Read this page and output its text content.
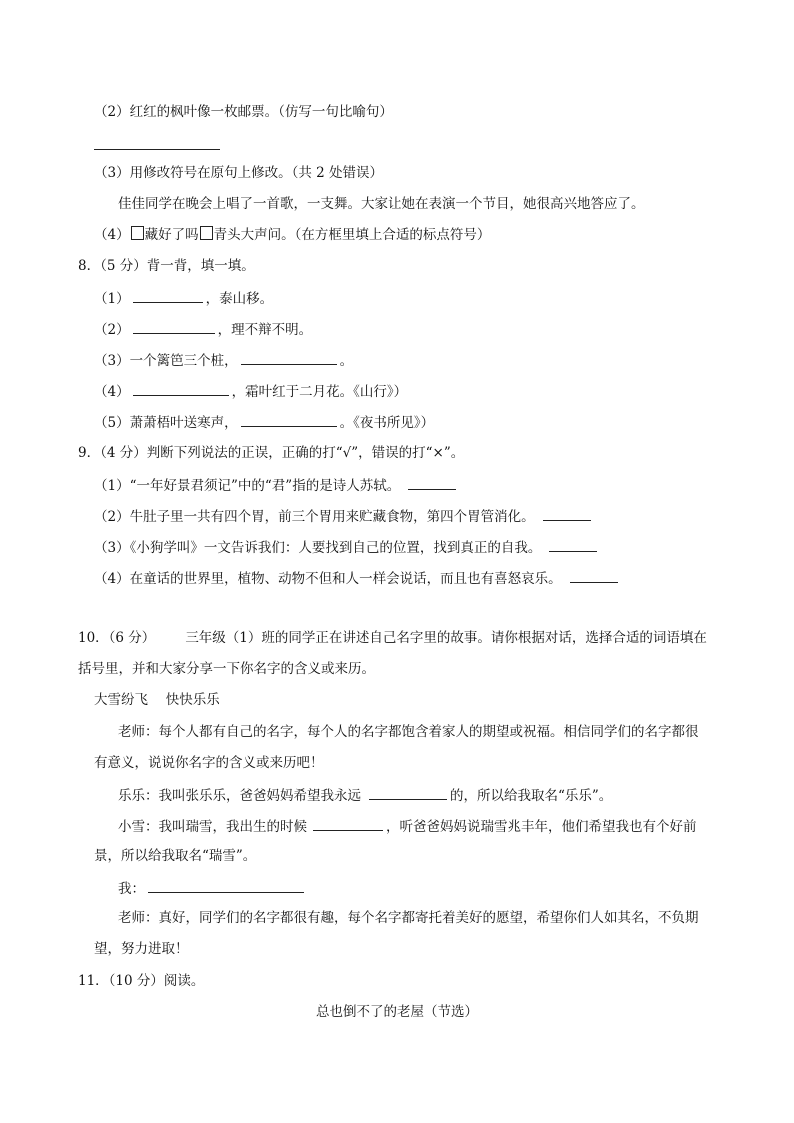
（2）红红的枫叶像一枚邮票。（仿写一句比喻句）
（3）用修改符号在原句上修改。（共 2 处错误）
佳佳同学在晚会上唱了一首歌，一支舞。大家让她在表演一个节目，她很高兴地答应了。
（4） 藏好了吗 青头大声问。（在方框里填上合适的标点符号）
8．（5 分）背一背，填一填。
（1）	，泰山移。
（2）	，理不辩不明。
（3）一个篱笆三个桩，	。
（4）	，霜叶红于二月花。《山行》）
（5）萧萧梧叶送寒声，	。《夜书所见》）
9．（4 分）判断下列说法的正误，正确的打“√”，错误的打“×”。
（1）“一年好景君须记”中的“君”指的是诗人苏轼。
（2）牛肚子里一共有四个胃，前三个胃用来贮藏食物，第四个胃管消化。
（3）《小狗学叫》一文告诉我们：人要找到自己的位置，找到真正的自我。
（4）在童话的世界里，植物、动物不但和人一样会说话，而且也有喜怒哀乐。
10．（6 分） 三年级（1）班的同学正在讲述自己名字里的故事。请你根据对话，选择合适的词语填在
括号里，并和大家分享一下你名字的含义或来历。
大雪纷飞　 快快乐乐
老师：每个人都有自己的名字，每个人的名字都饱含着家人的期望或祝福。相信同学们的名字都很
有意义，说说你名字的含义或来历吧！
乐乐：我叫张乐乐，爸爸妈妈希望我永远	的，所以给我取名“乐乐”。
小雪：我叫瑞雪，我出生的时候	，听爸爸妈妈说瑞雪兆丰年，他们希望我也有个好前
景，所以给我取名“瑞雪”。
我：
老师：真好，同学们的名字都很有趣，每个名字都寄托着美好的愿望，希望你们人如其名，不负期
望，努力进取！
11．（10 分）阅读。
总也倒不了的老屋（节选）
